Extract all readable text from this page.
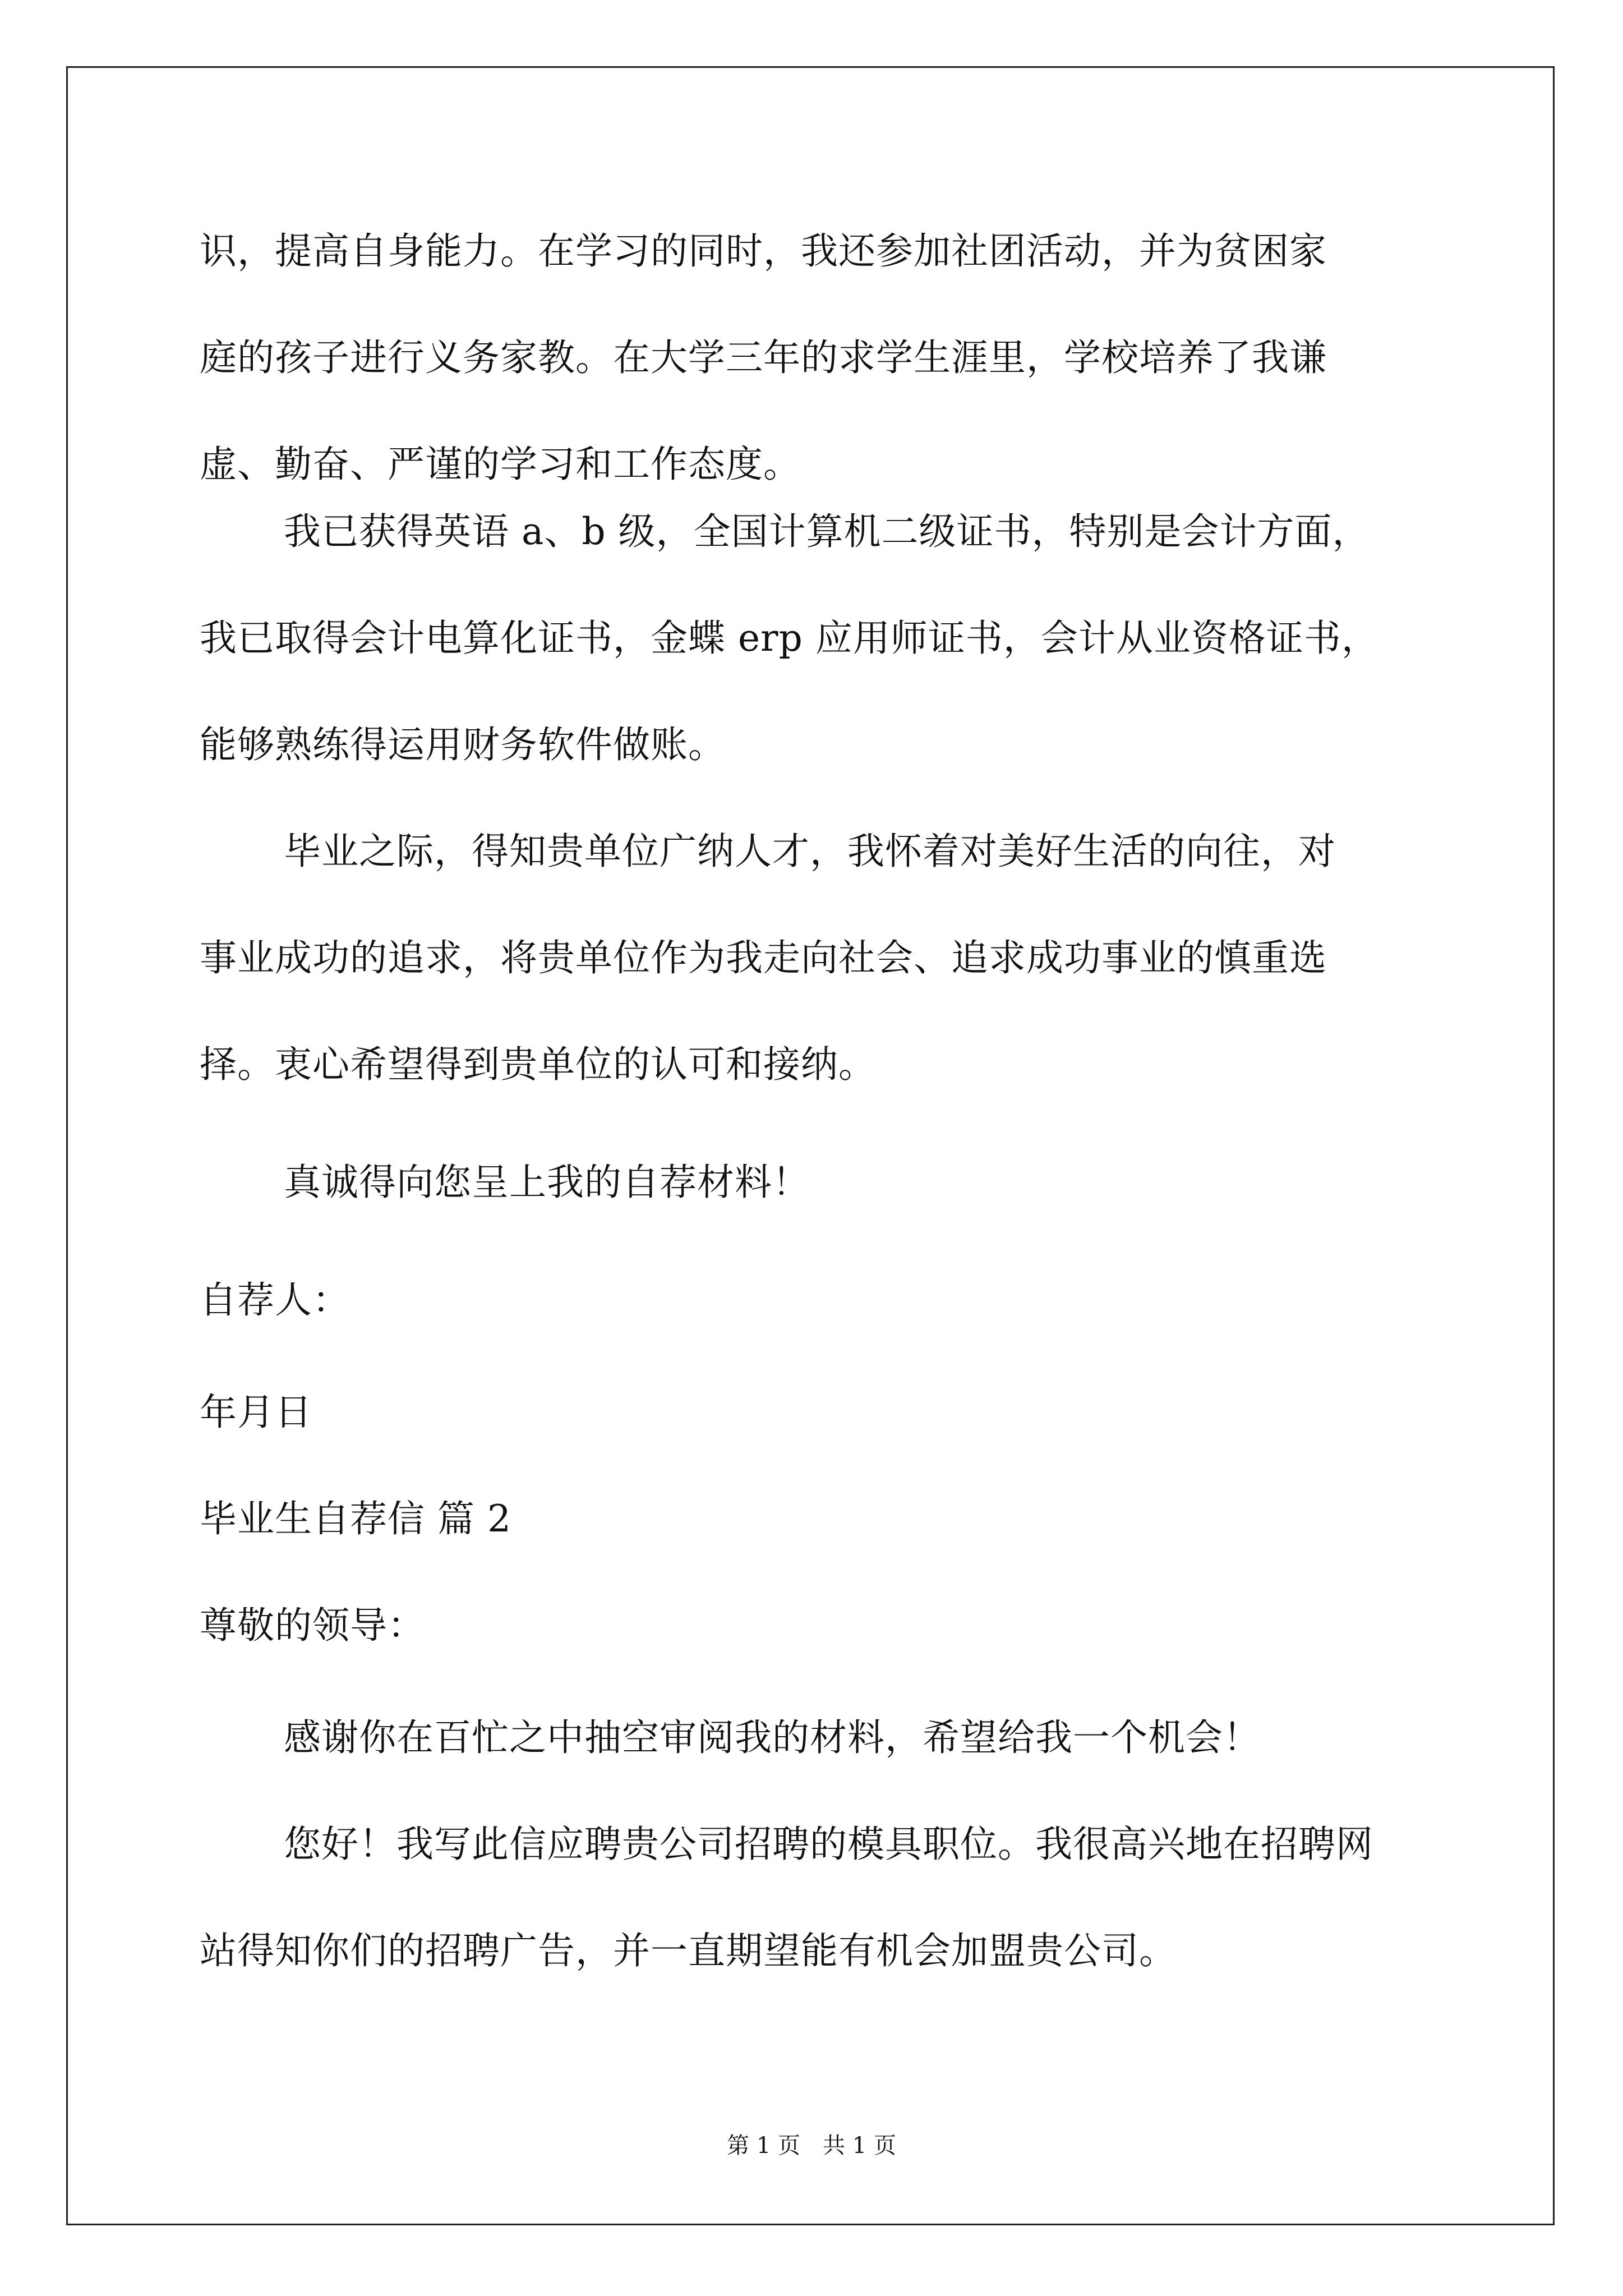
识，提高自身能力。在学习的同时，我还参加社团活动，并为贫困家
庭的孩子进行义务家教。在大学三年的求学生涯里，学校培养了我谦
虚、勤奋、严谨的学习和工作态度。
我已获得英语 a、b 级，全国计算机二级证书，特别是会计方面，
我已取得会计电算化证书，金蝶 erp 应用师证书，会计从业资格证书，
能够熟练得运用财务软件做账。
毕业之际，得知贵单位广纳人才，我怀着对美好生活的向往，对
事业成功的追求，将贵单位作为我走向社会、追求成功事业的慎重选
择。衷心希望得到贵单位的认可和接纳。
真诚得向您呈上我的自荐材料！
自荐人：
年月日
毕业生自荐信 篇 2
尊敬的领导：
感谢你在百忙之中抽空审阅我的材料，希望给我一个机会！
您好！我写此信应聘贵公司招聘的模具职位。我很高兴地在招聘网
站得知你们的招聘广告，并一直期望能有机会加盟贵公司。
第 1 页　共 1 页
